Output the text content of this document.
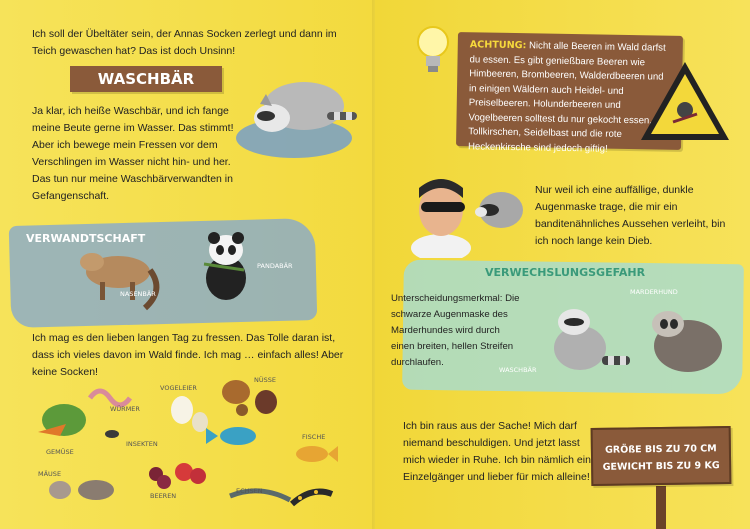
Ich soll der Übeltäter sein, der Annas Socken zerlegt und dann im Teich gewaschen hat? Das ist doch Unsinn!

WASCHBÄR

Ja klar, ich heiße Waschbär, und ich fange meine Beute gerne im Wasser. Das stimmt! Aber ich bewege mein Fressen vor dem Verschlingen im Wasser nicht hin- und her. Das tun nur meine Waschbärverwandten in Gefangenschaft.

VERWANDTSCHAFT
NASENBÄR
PANDABÄR

Ich mag es den lieben langen Tag zu fressen. Das Tolle daran ist, dass ich vieles davon im Wald finde. Ich mag … einfach alles! Aber keine Socken!

GEMÜSE
WÜRMER
INSEKTEN
VOGELEIER
NÜSSE
FISCHE
MÄUSE
BEEREN
ECHSEN
ACHTUNG: Nicht alle Beeren im Wald darfst du essen. Es gibt genießbare Beeren wie Himbeeren, Brombeeren, Walderdbeeren und in einigen Wäldern auch Heidel- und Preiselbeeren. Holunderbeeren und Vogelbeeren solltest du nur gekocht essen. Tollkirschen, Seidelbast und die rote Heckenkirsche sind jedoch giftig!

Nur weil ich eine auffällige, dunkle Augenmaske trage, die mir ein banditenähnliches Aussehen verleiht, bin ich noch lange kein Dieb.

VERWECHSLUNGSGEFAHR

Unterscheidungsmerkmal: Die schwarze Augenmaske des Marderhundes wird durch einen breiten, hellen Streifen durchlaufen.

MARDERHUND
WASCHBÄR

Ich bin raus aus der Sache! Mich darf niemand beschuldigen. Und jetzt lasst mich wieder in Ruhe. Ich bin nämlich ein Einzelgänger und lieber für mich alleine!

GRÖßE BIS ZU 70 CM
GEWICHT BIS ZU 9 KG
